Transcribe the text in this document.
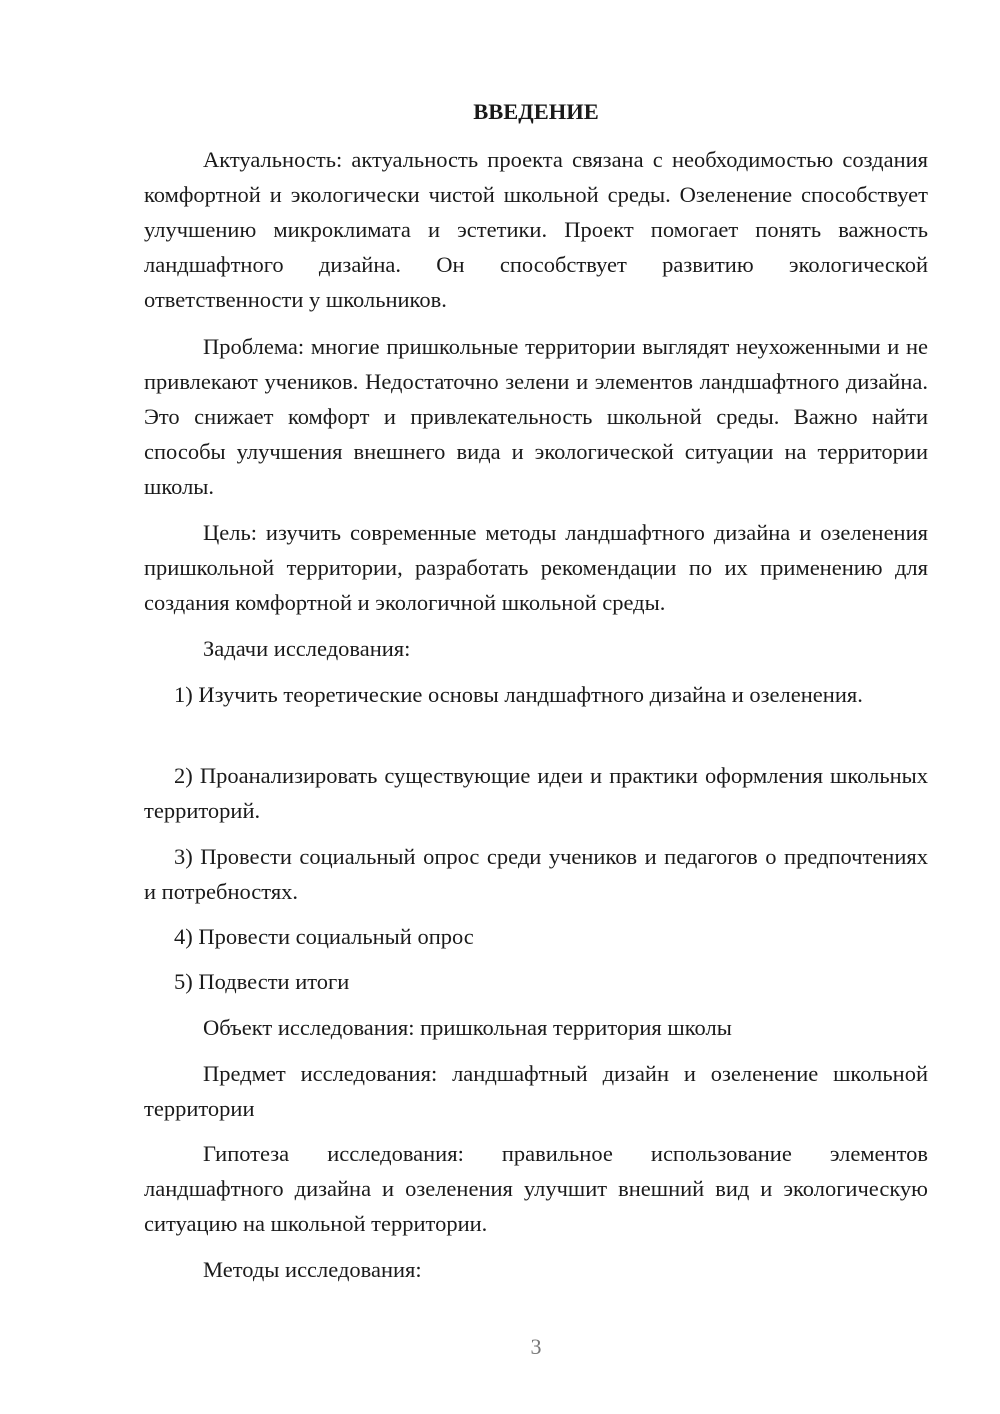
ВВЕДЕНИЕ

Актуальность: актуальность проекта связана с необходимостью создания комфортной и экологически чистой школьной среды. Озеленение способствует улучшению микроклимата и эстетики. Проект помогает понять важность ландшафтного дизайна. Он способствует развитию экологической ответственности у школьников.

Проблема: многие пришкольные территории выглядят неухоженными и не привлекают учеников. Недостаточно зелени и элементов ландшафтного дизайна. Это снижает комфорт и привлекательность школьной среды. Важно найти способы улучшения внешнего вида и экологической ситуации на территории школы.

Цель: изучить современные методы ландшафтного дизайна и озеленения пришкольной территории, разработать рекомендации по их применению для создания комфортной и экологичной школьной среды.

Задачи исследования:

1) Изучить теоретические основы ландшафтного дизайна и озеленения.

2) Проанализировать существующие идеи и практики оформления школьных территорий.

3) Провести социальный опрос среди учеников и педагогов о предпочтениях и потребностях.

4) Провести социальный опрос

5) Подвести итоги

Объект исследования: пришкольная территория школы

Предмет исследования: ландшафтный дизайн и озеленение школьной территории

Гипотеза исследования: правильное использование элементов ландшафтного дизайна и озеленения улучшит внешний вид и экологическую ситуацию на школьной территории.

Методы исследования:

3
